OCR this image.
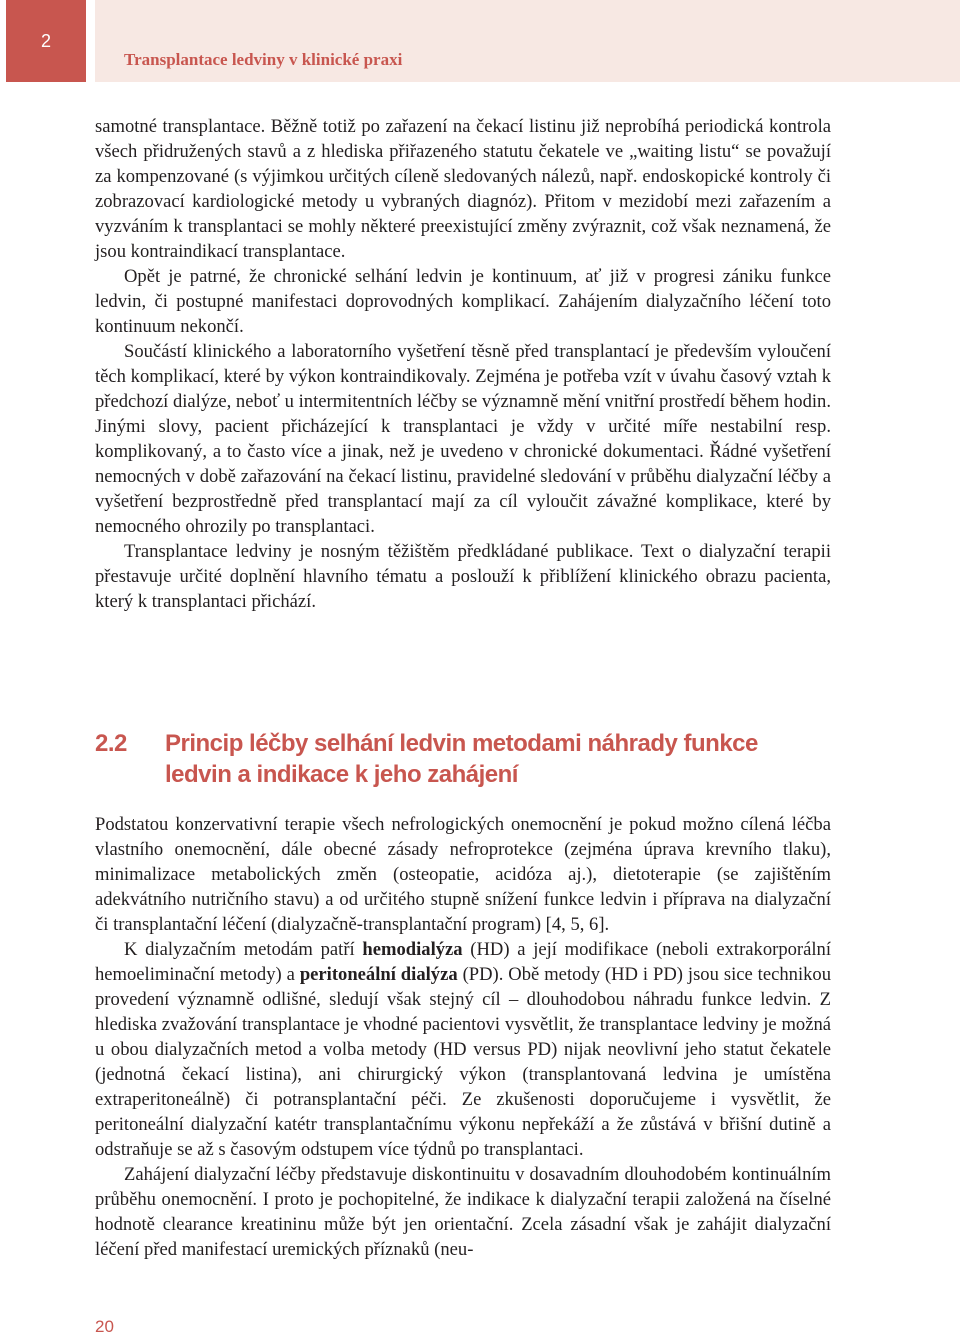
2
Transplantace ledviny v klinické praxi

samotné transplantace. Běžně totiž po zařazení na čekací listinu již neprobíhá periodická kontrola všech přidružených stavů a z hlediska přiřazeného statutu čekatele ve „waiting listu“ se považují za kompenzované (s výjimkou určitých cíleně sledovaných nálezů, např. endoskopické kontroly či zobrazovací kardiologické metody u vybraných diagnóz). Přitom v mezidobí mezi zařazením a vyzváním k transplantaci se mohly některé preexistující změny zvýraznit, což však neznamená, že jsou kontraindikací transplantace.

Opět je patrné, že chronické selhání ledvin je kontinuum, ať již v progresi zániku funkce ledvin, či postupné manifestaci doprovodných komplikací. Zahájením dialyzačního léčení toto kontinuum nekončí.

Součástí klinického a laboratorního vyšetření těsně před transplantací je především vyloučení těch komplikací, které by výkon kontraindikovaly. Zejména je potřeba vzít v úvahu časový vztah k předchozí dialýze, neboť u intermitentních léčby se významně mění vnitřní prostředí během hodin. Jinými slovy, pacient přicházející k transplantaci je vždy v určité míře nestabilní resp. komplikovaný, a to často více a jinak, než je uvedeno v chronické dokumentaci. Řádné vyšetření nemocných v době zařazování na čekací listinu, pravidelné sledování v průběhu dialyzační léčby a vyšetření bezprostředně před transplantací mají za cíl vyloučit závažné komplikace, které by nemocného ohrozily po transplantaci.

Transplantace ledviny je nosným těžištěm předkládané publikace. Text o dialyzační terapii přestavuje určité doplnění hlavního tématu a poslouží k přiblížení klinického obrazu pacienta, který k transplantaci přichází.

2.2 Princip léčby selhání ledvin metodami náhrady funkce ledvin a indikace k jeho zahájení

Podstatou konzervativní terapie všech nefrologických onemocnění je pokud možno cílená léčba vlastního onemocnění, dále obecné zásady nefroprotekce (zejména úprava krevního tlaku), minimalizace metabolických změn (osteopatie, acidóza aj.), dietoterapie (se zajištěním adekvátního nutričního stavu) a od určitého stupně snížení funkce ledvin i příprava na dialyzační či transplantační léčení (dialyzačně-transplantační program) [4, 5, 6].

K dialyzačním metodám patří hemodialýza (HD) a její modifikace (neboli extrakorporální hemoeliminační metody) a peritoneální dialýza (PD). Obě metody (HD i PD) jsou sice technikou provedení významně odlišné, sledují však stejný cíl – dlouhodobou náhradu funkce ledvin. Z hlediska zvažování transplantace je vhodné pacientovi vysvětlit, že transplantace ledviny je možná u obou dialyzačních metod a volba metody (HD versus PD) nijak neovlivní jeho statut čekatele (jednotná čekací listina), ani chirurgický výkon (transplantovaná ledvina je umístěna extraperitoneálně) či potransplantační péči. Ze zkušenosti doporučujeme i vysvětlit, že peritoneální dialyzační katétr transplantačnímu výkonu nepřekáží a že zůstává v břišní dutině a odstraňuje se až s časovým odstupem více týdnů po transplantaci.

Zahájení dialyzační léčby představuje diskontinuitu v dosavadním dlouhodobém kontinuálním průběhu onemocnění. I proto je pochopitelné, že indikace k dialyzační terapii založená na číselné hodnotě clearance kreatininu může být jen orientační. Zcela zásadní však je zahájit dialyzační léčení před manifestací uremických příznaků (neu-

20
